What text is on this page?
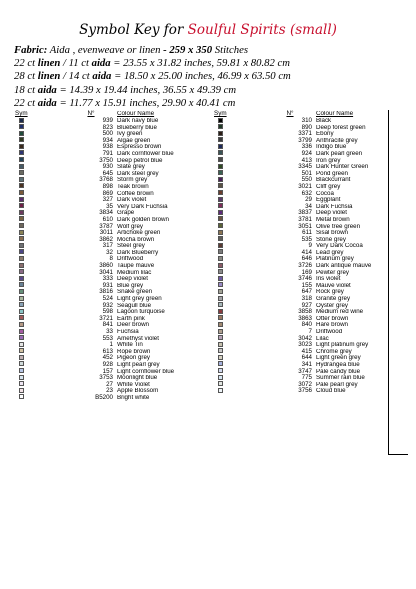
Symbol Key for Soulful Spirits (small)
Fabric: Aida , evenweave or linen - 259 x 350 Stitches
22 ct linen / 11 ct aida = 23.55 x 31.82 inches, 59.81 x 80.82 cm
28 ct linen / 14 ct aida = 18.50 x 25.00 inches, 46.99 x 63.50 cm
18 ct aida = 14.39 x 19.44 inches, 36.55 x 49.39 cm
22 ct aida = 11.77 x 15.91 inches, 29.90 x 40.41 cm
Sym	N°	Colour Name
939 Dark navy blue
823 Blueberry blue
500 Ivy green
934 Algae green
938 Espresso brown
791 Dark cornflower blue
3750 Deep petrol blue
930 Slate grey
645 Dark steel grey
3768 Storm grey
898 Teak brown
869 Coffee brown
327 Dark violet
35 Very Dark Fuchsia
3834 Grape
610 Dark golden brown
3787 Wolf grey
3011 Artichoke green
3862 Mocha brown
317 Steel grey
32 Dark Blueberry
8 Driftwood
3860 Taupe mauve
3041 Medium lilac
333 Deep violet
931 Blue grey
3816 Snake green
524 Light grey green
932 Seagull blue
598 Lagoon turquoise
3721 Earth pink
841 Deer brown
33 Fuchsia
553 Amethyst violet
1 White Tin
613 Rope brown
452 Pigeon grey
928 Light pearl grey
157 Light cornflower blue
3753 Moonlight blue
27 White Violet
23 Apple Blossom
B5200 Bright white
Sym	N°	Colour Name
310 Black
890 Deep forest green
3371 Ebony
3799 Anthracite grey
336 Indigo blue
924 Dark pearl green
413 Iron grey
3345 Dark Hunter Green
501 Pond green
550 Blackcurrant
3021 Cliff grey
632 Cocoa
29 Eggplant
34 Dark Fuchsia
3837 Deep violet
3781 Metal brown
3051 Olive tree green
611 Sisal brown
535 Stone grey
9 Very Dark Cocoa
414 Lead grey
646 Platinum grey
3726 Dark antique mauve
169 Pewter grey
3746 Iris violet
155 Mauve violet
647 Rock grey
318 Granite grey
927 Oyster grey
3858 Medium red wine
3863 Otter brown
840 Hare brown
7 Driftwood
3042 Lilac
3023 Light platinum grey
415 Chrome grey
644 Light green grey
341 Hydrangea blue
3747 Pale candy blue
775 Summer rain blue
3072 Pale pearl grey
3756 Cloud blue
